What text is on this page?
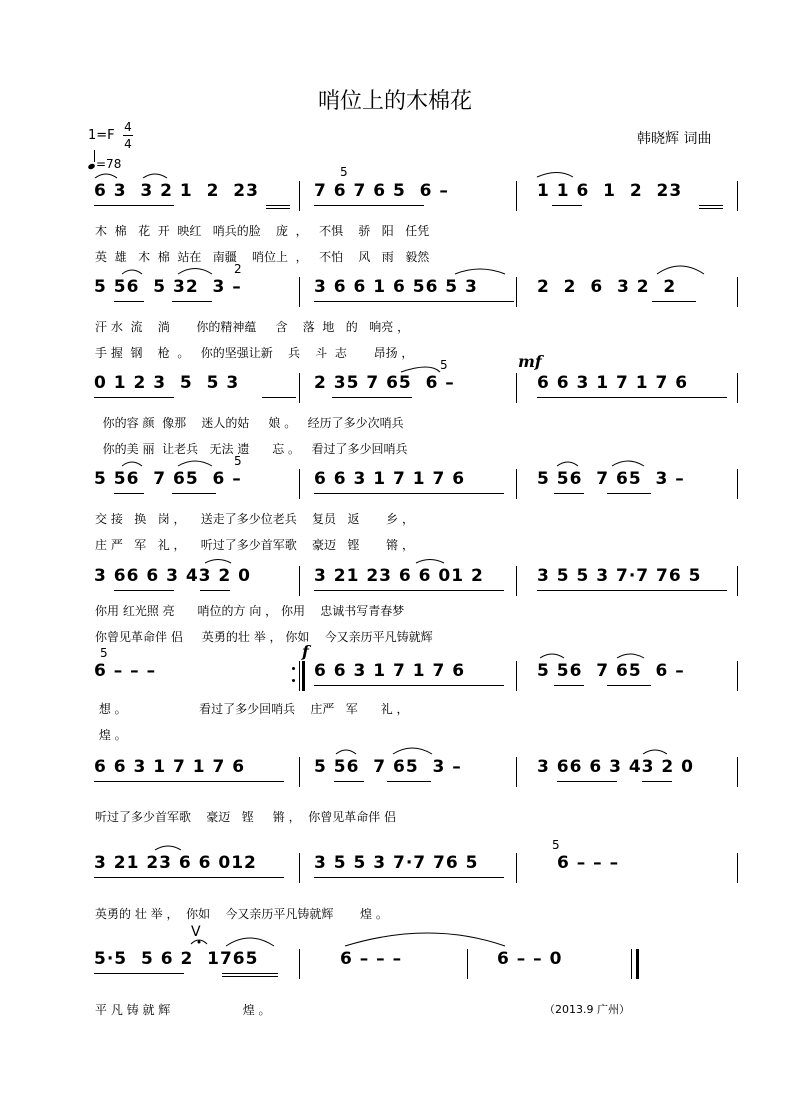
哨位上的木棉花
1=F
4
4
=78
韩晓辉 词曲
6 3  3 2 1  2  23	7 6 7 6 5  6 –	1 1 6  1  2  23
木  棉   花  开  映红   哨兵的脸    庞  ，   不惧    骄   阳   任凭
英  雄   木  棉  站在   南疆    哨位上  ，   不怕    风   雨   毅然
5
5 56  5 32  3 –	3 6 6 1 6 56 5 3	2  2  6  3 2  2
汗 水  流    淌       你的精神蕴     含    落  地   的   响亮 ，
手 握  钢    枪  。   你的坚强让新    兵    斗  志       昂扬 ，
2
0 1 2 3  5  5 3	2 35 7 65  6 –	6 6 3 1 7 1 7 6
你的容 颜  像那    迷人的姑     娘 。   经历了多少次哨兵
你的美 丽  让老兵   无法 遗      忘 。   看过了多少回哨兵
mf
5
5 56  7 65  6 –	6 6 3 1 7 1 7 6	5 56  7 65  3 –
交 接   换   岗 ，    送走了多少位老兵    复员   返       乡 ，
庄 严   军   礼 ，    听过了多少首军歌    豪迈   铿       锵 ，
5
3 66 6 3 43 2 0	3 21 23 6 6 01 2	3 5 5 3 7·7 76 5
你用 红光照 亮      哨位的方 向 ， 你用    忠诚书写青春梦
你曾见革命伴 侣     英勇的壮 举 ， 你如    今又亲历平凡铸就辉
6 – – –	6 6 3 1 7 1 7 6	5 56  7 65  6 –
想 。                   看过了多少回哨兵    庄严   军      礼 ，
煌 。
f
5
6 6 3 1 7 1 7 6	5 56  7 65  3 –	3 66 6 3 43 2 0
听过了多少首军歌    豪迈   铿     锵 ，  你曾见革命伴 侣
3 21 23 6 6 012	3 5 5 3 7·7 76 5	6 – – –
英勇的 壮 举 ，  你如    今又亲历平凡铸就辉       煌 。
5
5·5  5 6 2  1765	6 – – –	6 – – 0
V
平 凡 铸 就 辉                   煌 。	（2013.9 广州）
